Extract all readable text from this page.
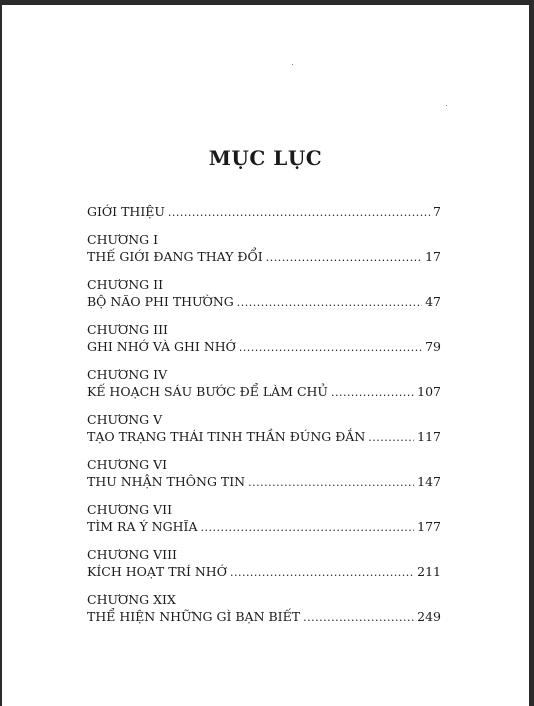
MỤC LỤC
GIỚI THIỆU .....	7
CHƯƠNG I
THẾ GIỚI ĐANG THAY ĐỔI .....	17
CHƯƠNG II
BỘ NÃO PHI THƯỜNG .....	47
CHƯƠNG III
GHI NHỚ VÀ GHI NHỚ .....	79
CHƯƠNG IV
KẾ HOẠCH SÁU BƯỚC ĐỂ LÀM CHỦ .....	107
CHƯƠNG V
TẠO TRẠNG THÁI TINH THẦN ĐÚNG ĐẮN .....	117
CHƯƠNG VI
THU NHẬN THÔNG TIN .....	147
CHƯƠNG VII
TÌM RA Ý NGHĨA .....	177
CHƯƠNG VIII
KÍCH HOẠT TRÍ NHỚ .....	211
CHƯƠNG XIX
THỂ HIỆN NHỮNG GÌ BẠN BIẾT .....	249
